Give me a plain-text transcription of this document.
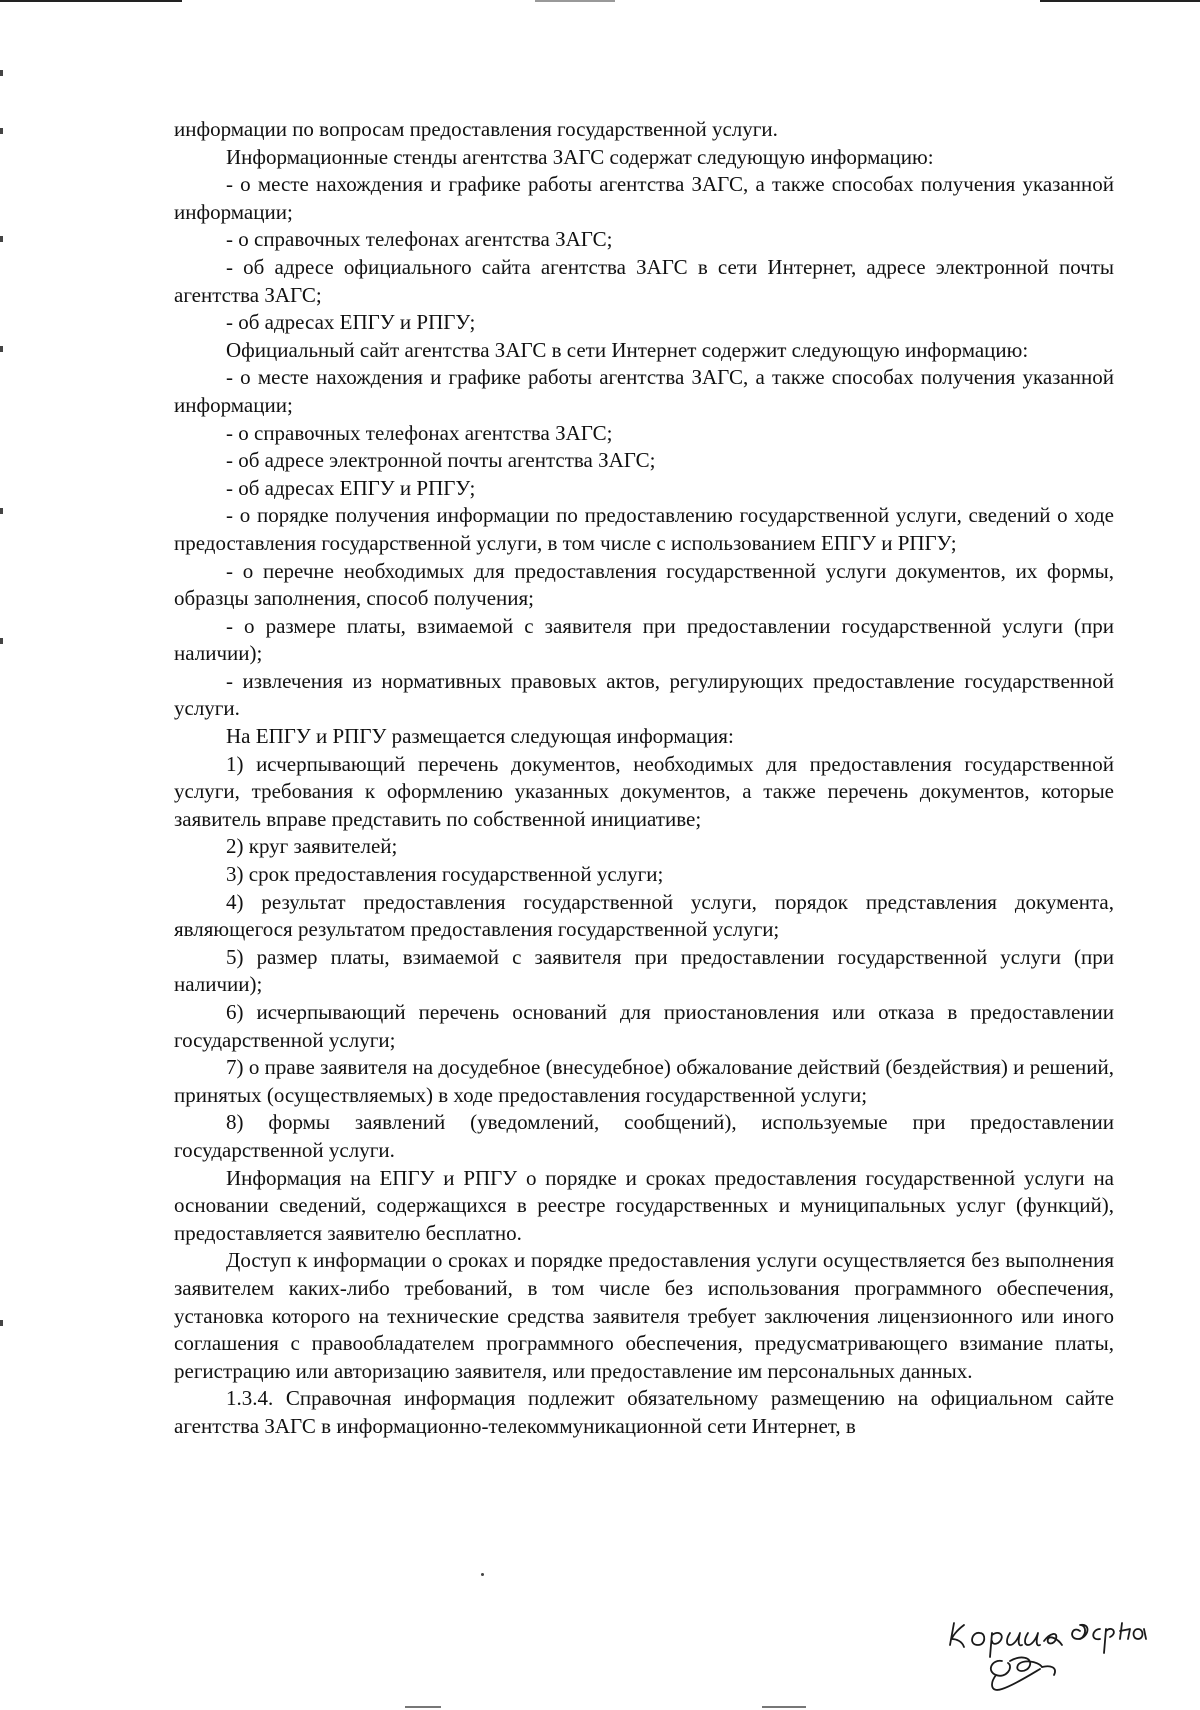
информации по вопросам предоставления государственной услуги.

Информационные стенды агентства ЗАГС содержат следующую информацию:

- о месте нахождения и графике работы агентства ЗАГС, а также способах получения указанной информации;

- о справочных телефонах агентства ЗАГС;

- об адресе официального сайта агентства ЗАГС в сети Интернет, адресе электронной почты агентства ЗАГС;

- об адресах ЕПГУ и РПГУ;

Официальный сайт агентства ЗАГС в сети Интернет содержит следующую информацию:

- о месте нахождения и графике работы агентства ЗАГС, а также способах получения указанной информации;

- о справочных телефонах агентства ЗАГС;

- об адресе электронной почты агентства ЗАГС;

- об адресах ЕПГУ и РПГУ;

- о порядке получения информации по предоставлению государственной услуги, сведений о ходе предоставления государственной услуги, в том числе с использованием ЕПГУ и РПГУ;

- о перечне необходимых для предоставления государственной услуги документов, их формы, образцы заполнения, способ получения;

- о размере платы, взимаемой с заявителя при предоставлении государственной услуги (при наличии);

- извлечения из нормативных правовых актов, регулирующих предоставление государственной услуги.

На ЕПГУ и РПГУ размещается следующая информация:

1) исчерпывающий перечень документов, необходимых для предоставления государственной услуги, требования к оформлению указанных документов, а также перечень документов, которые заявитель вправе представить по собственной инициативе;

2) круг заявителей;

3) срок предоставления государственной услуги;

4) результат предоставления государственной услуги, порядок представления документа, являющегося результатом предоставления государственной услуги;

5) размер платы, взимаемой с заявителя при предоставлении государственной услуги (при наличии);

6) исчерпывающий перечень оснований для приостановления или отказа в предоставлении государственной услуги;

7) о праве заявителя на досудебное (внесудебное) обжалование действий (бездействия) и решений, принятых (осуществляемых) в ходе предоставления государственной услуги;

8) формы заявлений (уведомлений, сообщений), используемые при предоставлении государственной услуги.

Информация на ЕПГУ и РПГУ о порядке и сроках предоставления государственной услуги на основании сведений, содержащихся в реестре государственных и муниципальных услуг (функций), предоставляется заявителю бесплатно.

Доступ к информации о сроках и порядке предоставления услуги осуществляется без выполнения заявителем каких-либо требований, в том числе без использования программного обеспечения, установка которого на технические средства заявителя требует заключения лицензионного или иного соглашения с правообладателем программного обеспечения, предусматривающего взимание платы, регистрацию или авторизацию заявителя, или предоставление им персональных данных.

1.3.4. Справочная информация подлежит обязательному размещению на официальном сайте агентства ЗАГС в информационно-телекоммуникационной сети Интернет, в
